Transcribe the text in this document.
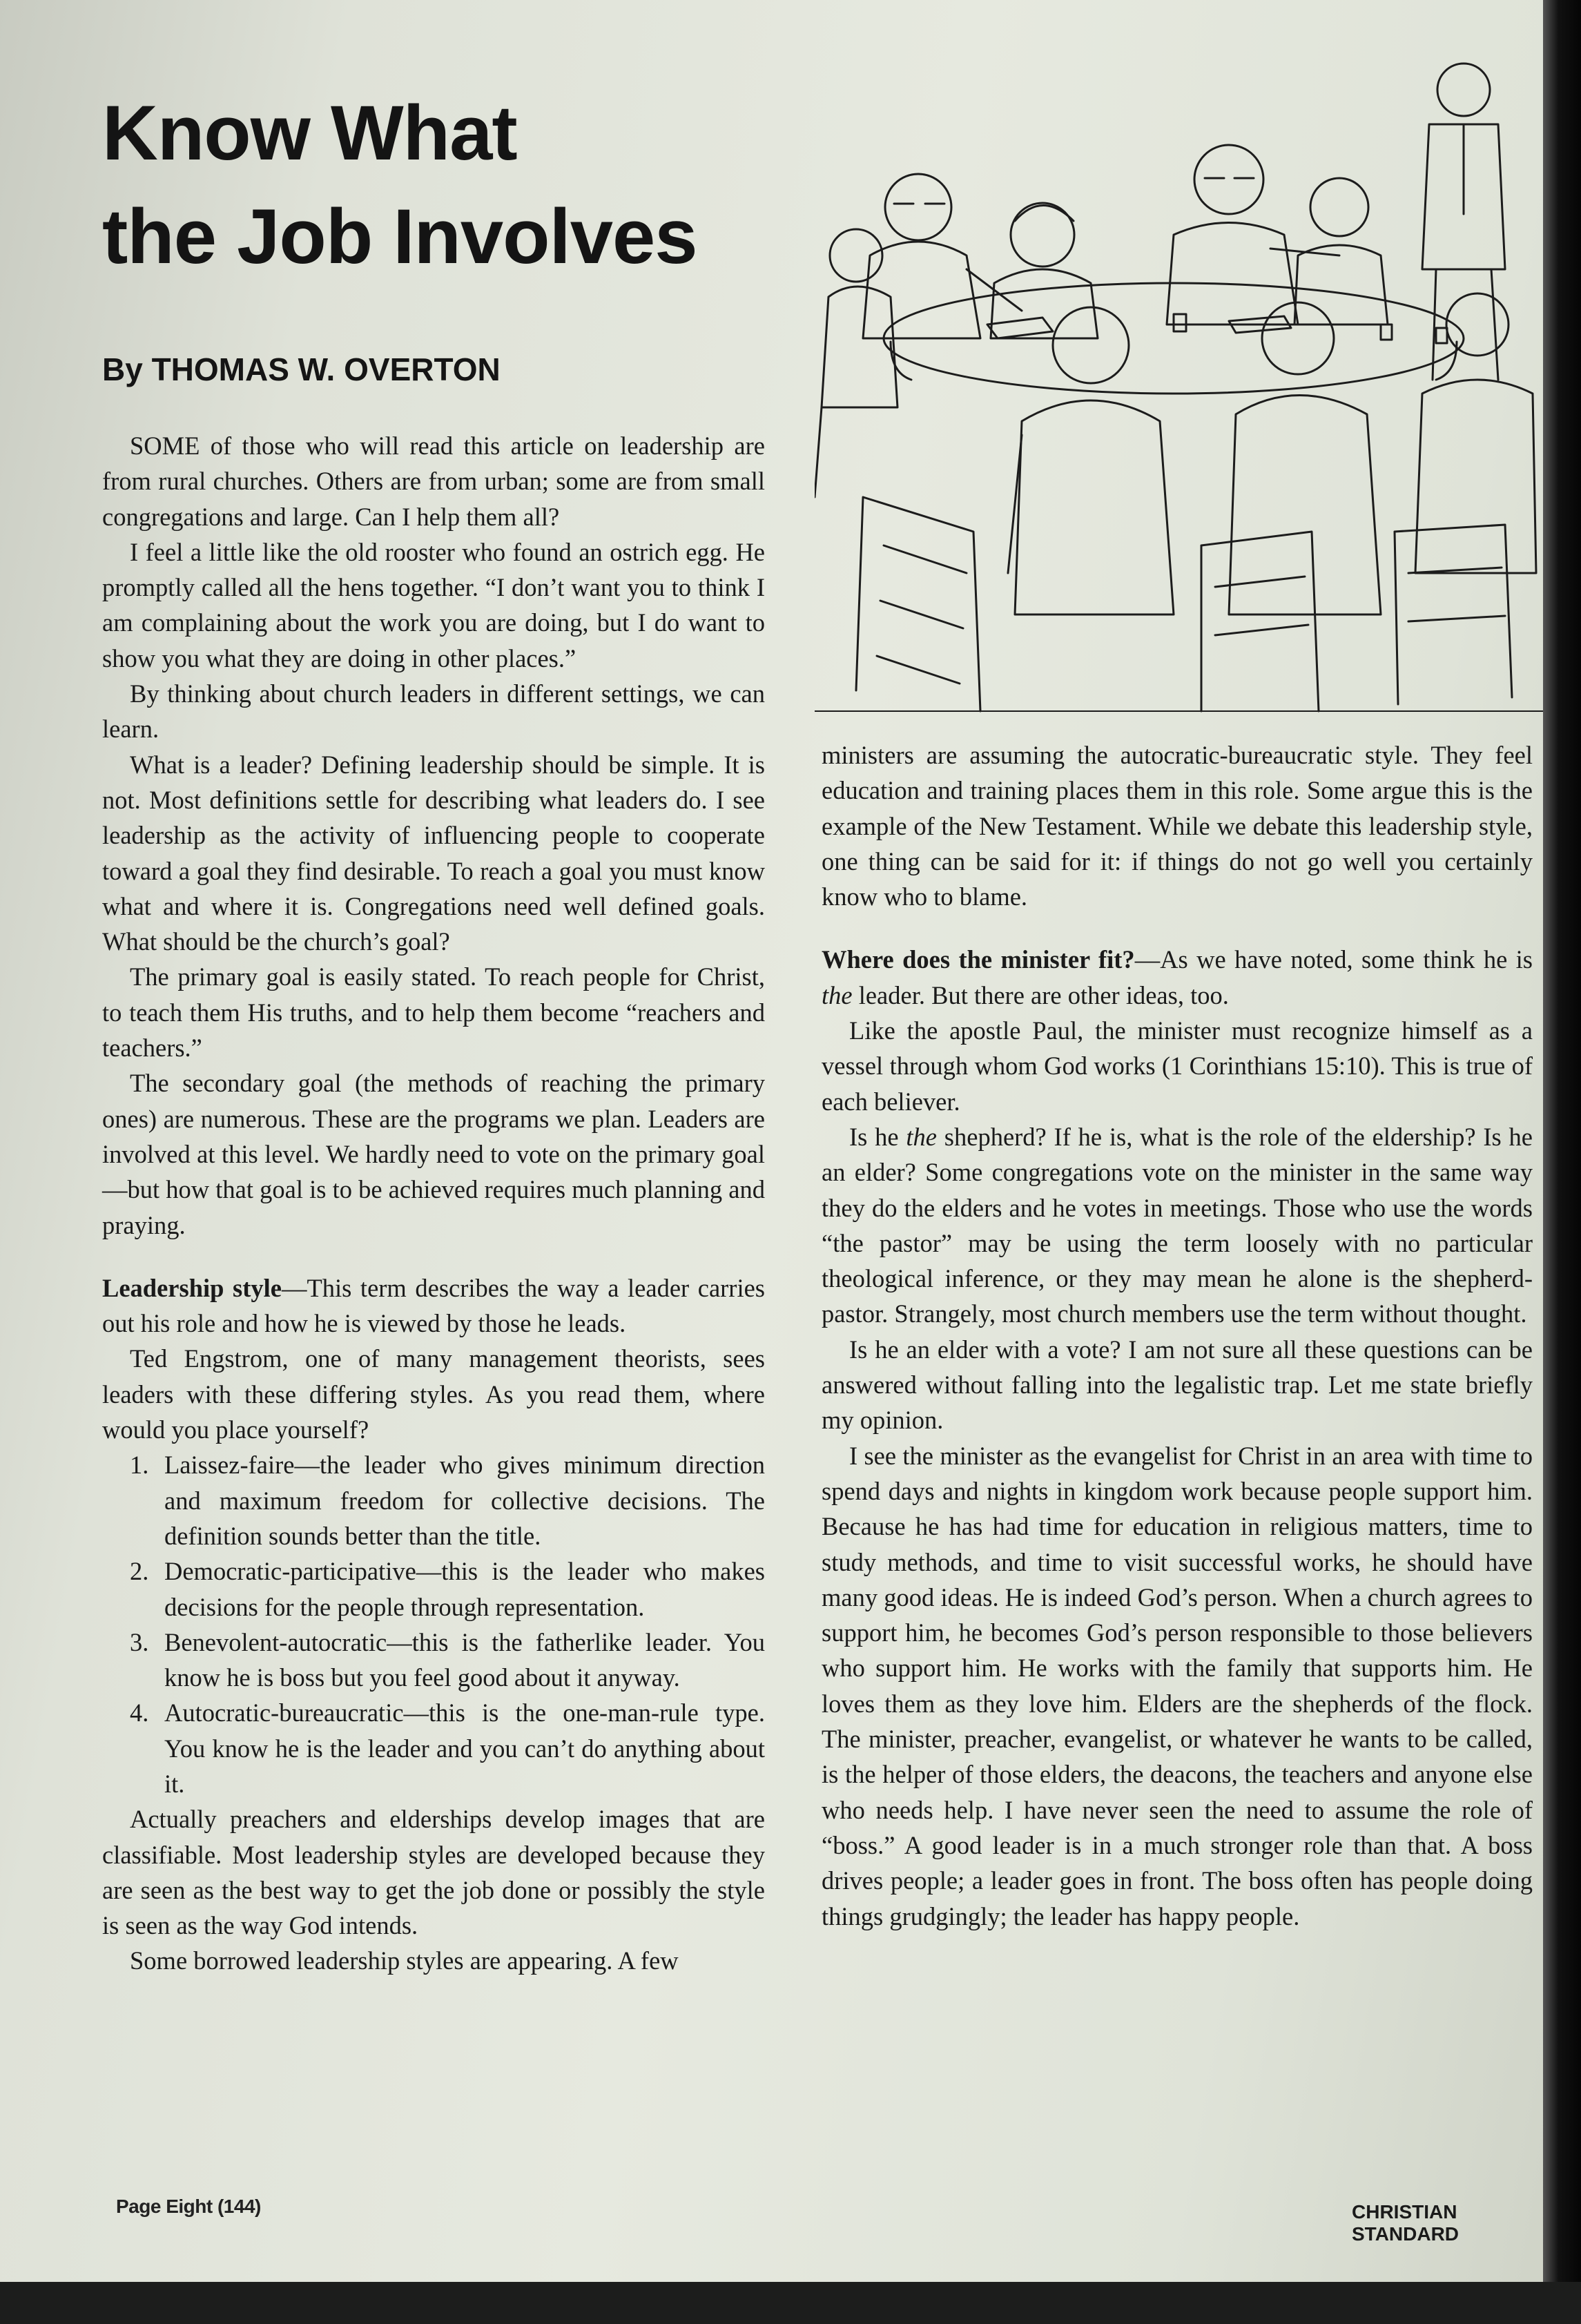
Know What
the Job Involves
By THOMAS W. OVERTON

SOME of those who will read this article on leadership are from rural churches. Others are from urban; some are from small congregations and large. Can I help them all?

I feel a little like the old rooster who found an ostrich egg. He promptly called all the hens together. “I don’t want you to think I am complaining about the work you are doing, but I do want to show you what they are doing in other places.”

By thinking about church leaders in different settings, we can learn.

What is a leader? Defining leadership should be simple. It is not. Most definitions settle for describing what leaders do. I see leadership as the activity of influencing people to cooperate toward a goal they find desirable. To reach a goal you must know what and where it is. Congregations need well defined goals. What should be the church’s goal?

The primary goal is easily stated. To reach people for Christ, to teach them His truths, and to help them become “reachers and teachers.”

The secondary goal (the methods of reaching the primary ones) are numerous. These are the programs we plan. Leaders are involved at this level. We hardly need to vote on the primary goal—but how that goal is to be achieved requires much planning and praying.

Leadership style—This term describes the way a leader carries out his role and how he is viewed by those he leads.

Ted Engstrom, one of many management theorists, sees leaders with these differing styles. As you read them, where would you place yourself?

1. Laissez-faire—the leader who gives minimum direction and maximum freedom for collective decisions. The definition sounds better than the title.
2. Democratic-participative—this is the leader who makes decisions for the people through representation.
3. Benevolent-autocratic—this is the fatherlike leader. You know he is boss but you feel good about it anyway.
4. Autocratic-bureaucratic—this is the one-man-rule type. You know he is the leader and you can’t do anything about it.

Actually preachers and elderships develop images that are classifiable. Most leadership styles are developed because they are seen as the best way to get the job done or possibly the style is seen as the way God intends.

Some borrowed leadership styles are appearing. A few

ministers are assuming the autocratic-bureaucratic style. They feel education and training places them in this role. Some argue this is the example of the New Testament. While we debate this leadership style, one thing can be said for it: if things do not go well you certainly know who to blame.

Where does the minister fit?—As we have noted, some think he is the leader. But there are other ideas, too.

Like the apostle Paul, the minister must recognize himself as a vessel through whom God works (1 Corinthians 15:10). This is true of each believer.

Is he the shepherd? If he is, what is the role of the eldership? Is he an elder? Some congregations vote on the minister in the same way they do the elders and he votes in meetings. Those who use the words “the pastor” may be using the term loosely with no particular theological inference, or they may mean he alone is the shepherd-pastor. Strangely, most church members use the term without thought.

Is he an elder with a vote? I am not sure all these questions can be answered without falling into the legalistic trap. Let me state briefly my opinion.

I see the minister as the evangelist for Christ in an area with time to spend days and nights in kingdom work because people support him. Because he has had time for education in religious matters, time to study methods, and time to visit successful works, he should have many good ideas. He is indeed God’s person. When a church agrees to support him, he becomes God’s person responsible to those believers who support him. He works with the family that supports him. He loves them as they love him. Elders are the shepherds of the flock. The minister, preacher, evangelist, or whatever he wants to be called, is the helper of those elders, the deacons, the teachers and anyone else who needs help. I have never seen the need to assume the role of “boss.” A good leader is in a much stronger role than that. A boss drives people; a leader goes in front. The boss often has people doing things grudgingly; the leader has happy people.

Page Eight (144)	CHRISTIAN STANDARD
